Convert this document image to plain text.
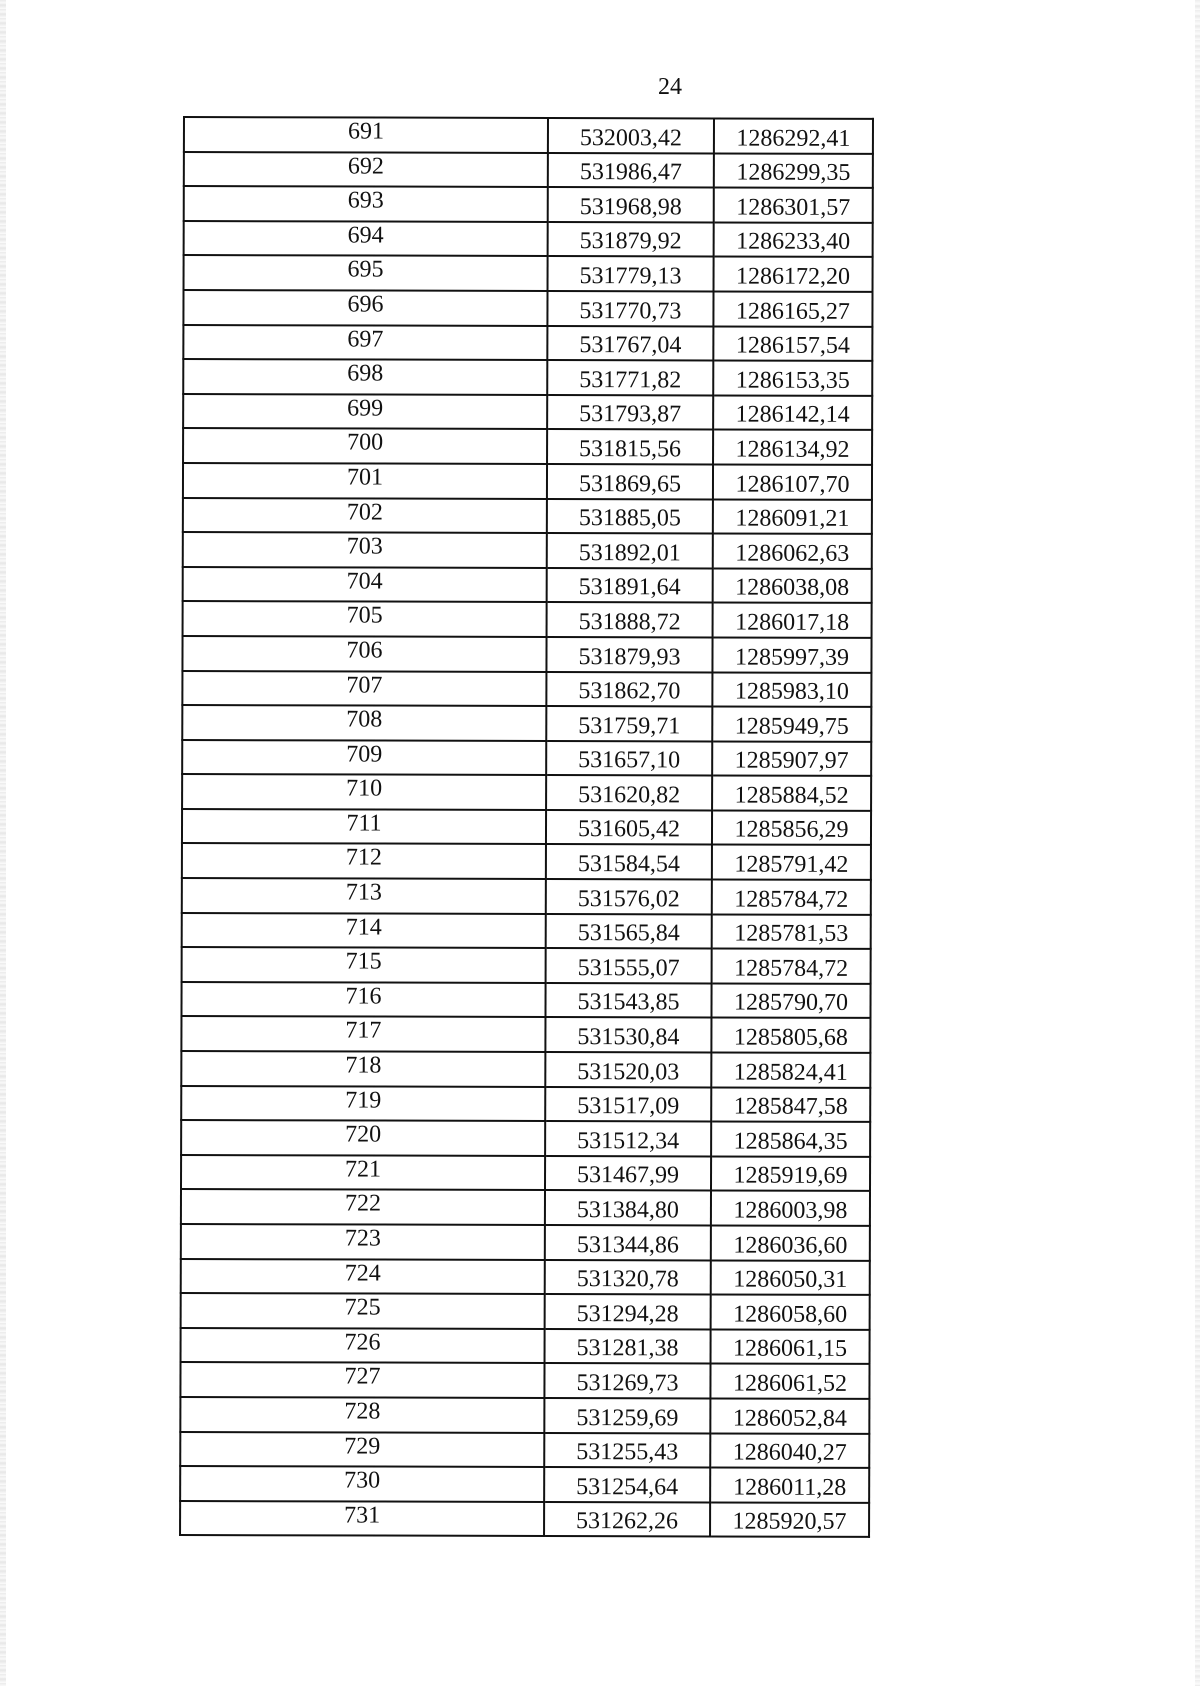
24
691	532003,42	1286292,41
692	531986,47	1286299,35
693	531968,98	1286301,57
694	531879,92	1286233,40
695	531779,13	1286172,20
696	531770,73	1286165,27
697	531767,04	1286157,54
698	531771,82	1286153,35
699	531793,87	1286142,14
700	531815,56	1286134,92
701	531869,65	1286107,70
702	531885,05	1286091,21
703	531892,01	1286062,63
704	531891,64	1286038,08
705	531888,72	1286017,18
706	531879,93	1285997,39
707	531862,70	1285983,10
708	531759,71	1285949,75
709	531657,10	1285907,97
710	531620,82	1285884,52
711	531605,42	1285856,29
712	531584,54	1285791,42
713	531576,02	1285784,72
714	531565,84	1285781,53
715	531555,07	1285784,72
716	531543,85	1285790,70
717	531530,84	1285805,68
718	531520,03	1285824,41
719	531517,09	1285847,58
720	531512,34	1285864,35
721	531467,99	1285919,69
722	531384,80	1286003,98
723	531344,86	1286036,60
724	531320,78	1286050,31
725	531294,28	1286058,60
726	531281,38	1286061,15
727	531269,73	1286061,52
728	531259,69	1286052,84
729	531255,43	1286040,27
730	531254,64	1286011,28
731	531262,26	1285920,57
